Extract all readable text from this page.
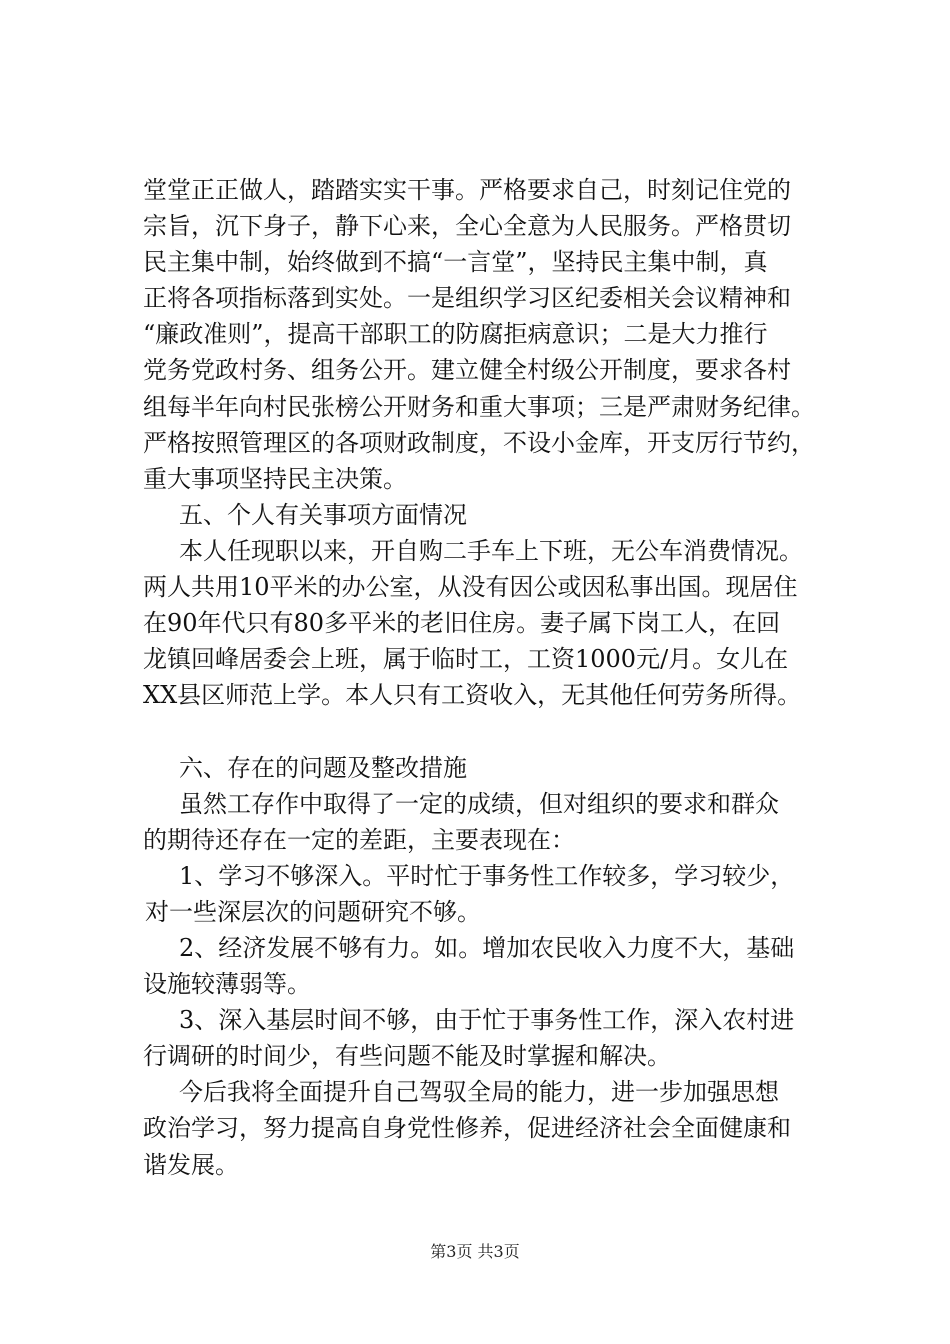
堂堂正正做人，踏踏实实干事。严格要求自己，时刻记住党的
宗旨，沉下身子，静下心来，全心全意为人民服务。严格贯切
民主集中制，始终做到不搞“一言堂”，坚持民主集中制，真
正将各项指标落到实处。一是组织学习区纪委相关会议精神和
“廉政准则”，提高干部职工的防腐拒病意识；二是大力推行
党务党政村务、组务公开。建立健全村级公开制度，要求各村
组每半年向村民张榜公开财务和重大事项；三是严肃财务纪律。
严格按照管理区的各项财政制度，不设小金库，开支厉行节约，
重大事项坚持民主决策。
五、个人有关事项方面情况
本人任现职以来，开自购二手车上下班，无公车消费情况。
两人共用10平米的办公室，从没有因公或因私事出国。现居住
在90年代只有80多平米的老旧住房。妻子属下岗工人，在回
龙镇回峰居委会上班，属于临时工，工资1000元/月。女儿在
XX县区师范上学。本人只有工资收入，无其他任何劳务所得。
六、存在的问题及整改措施
虽然工存作中取得了一定的成绩，但对组织的要求和群众
的期待还存在一定的差距，主要表现在：
1、学习不够深入。平时忙于事务性工作较多，学习较少，
对一些深层次的问题研究不够。
2、经济发展不够有力。如。增加农民收入力度不大，基础
设施较薄弱等。
3、深入基层时间不够，由于忙于事务性工作，深入农村进
行调研的时间少，有些问题不能及时掌握和解决。
今后我将全面提升自己驾驭全局的能力，进一步加强思想
政治学习，努力提高自身党性修养，促进经济社会全面健康和
谐发展。
第3页 共3页
